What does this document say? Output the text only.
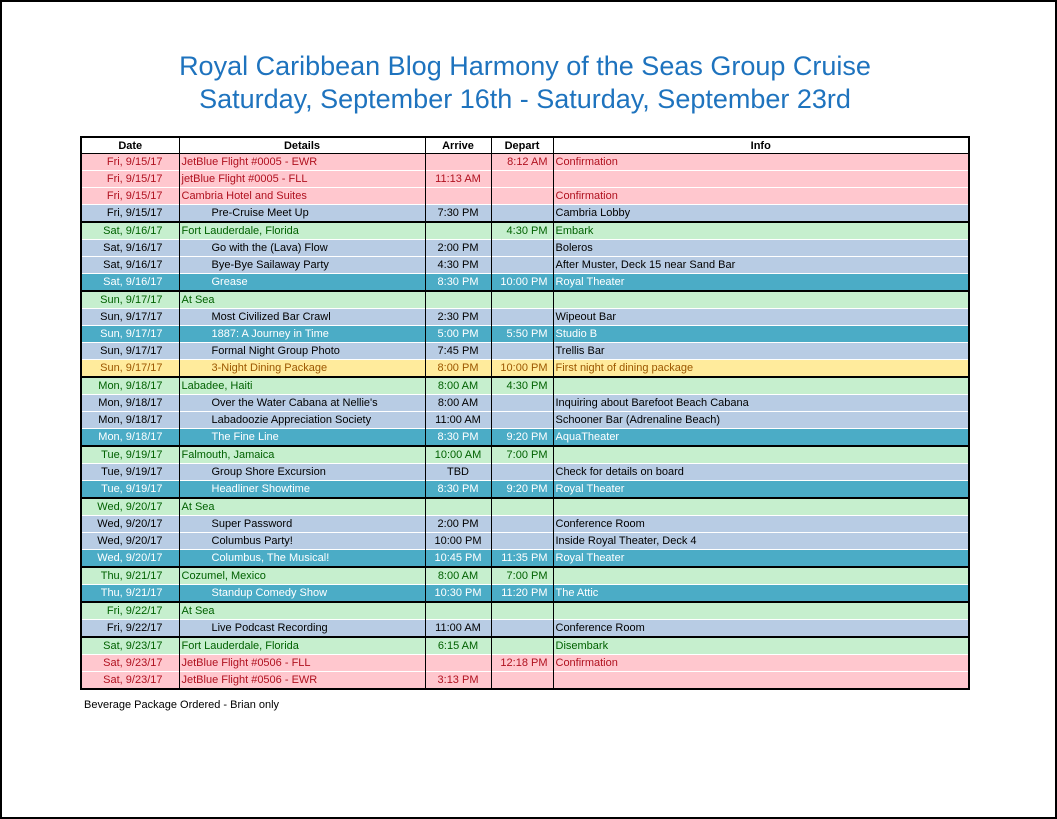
Royal Caribbean Blog Harmony of the Seas Group Cruise
Saturday, September 16th - Saturday, September 23rd
Date	Details	Arrive	Depart	Info
Fri, 9/15/17	JetBlue Flight #0005 - EWR		8:12 AM	Confirmation
Fri, 9/15/17	jetBlue Flight #0005 - FLL	11:13 AM		
Fri, 9/15/17	Cambria Hotel and Suites			Confirmation
Fri, 9/15/17	Pre-Cruise Meet Up	7:30 PM		Cambria Lobby
Sat, 9/16/17	Fort Lauderdale, Florida		4:30 PM	Embark
Sat, 9/16/17	Go with the (Lava) Flow	2:00 PM		Boleros
Sat, 9/16/17	Bye-Bye Sailaway Party	4:30 PM		After Muster, Deck 15 near Sand Bar
Sat, 9/16/17	Grease	8:30 PM	10:00 PM	Royal Theater
Sun, 9/17/17	At Sea			
Sun, 9/17/17	Most Civilized Bar Crawl	2:30 PM		Wipeout Bar
Sun, 9/17/17	1887: A Journey in Time	5:00 PM	5:50 PM	Studio B
Sun, 9/17/17	Formal Night Group Photo	7:45 PM		Trellis Bar
Sun, 9/17/17	3-Night Dining Package	8:00 PM	10:00 PM	First night of dining package
Mon, 9/18/17	Labadee, Haiti	8:00 AM	4:30 PM	
Mon, 9/18/17	Over the Water Cabana at Nellie's	8:00 AM		Inquiring about Barefoot Beach Cabana
Mon, 9/18/17	Labadoozie Appreciation Society	11:00 AM		Schooner Bar (Adrenaline Beach)
Mon, 9/18/17	The Fine Line	8:30 PM	9:20 PM	AquaTheater
Tue, 9/19/17	Falmouth, Jamaica	10:00 AM	7:00 PM	
Tue, 9/19/17	Group Shore Excursion	TBD		Check for details on board
Tue, 9/19/17	Headliner Showtime	8:30 PM	9:20 PM	Royal Theater
Wed, 9/20/17	At Sea			
Wed, 9/20/17	Super Password	2:00 PM		Conference Room
Wed, 9/20/17	Columbus Party!	10:00 PM		Inside Royal Theater, Deck 4
Wed, 9/20/17	Columbus, The Musical!	10:45 PM	11:35 PM	Royal Theater
Thu, 9/21/17	Cozumel, Mexico	8:00 AM	7:00 PM	
Thu, 9/21/17	Standup Comedy Show	10:30 PM	11:20 PM	The Attic
Fri, 9/22/17	At Sea			
Fri, 9/22/17	Live Podcast Recording	11:00 AM		Conference Room
Sat, 9/23/17	Fort Lauderdale, Florida	6:15 AM		Disembark
Sat, 9/23/17	JetBlue Flight #0506 - FLL		12:18 PM	Confirmation
Sat, 9/23/17	JetBlue Flight #0506 - EWR	3:13 PM		
Beverage Package Ordered - Brian only
